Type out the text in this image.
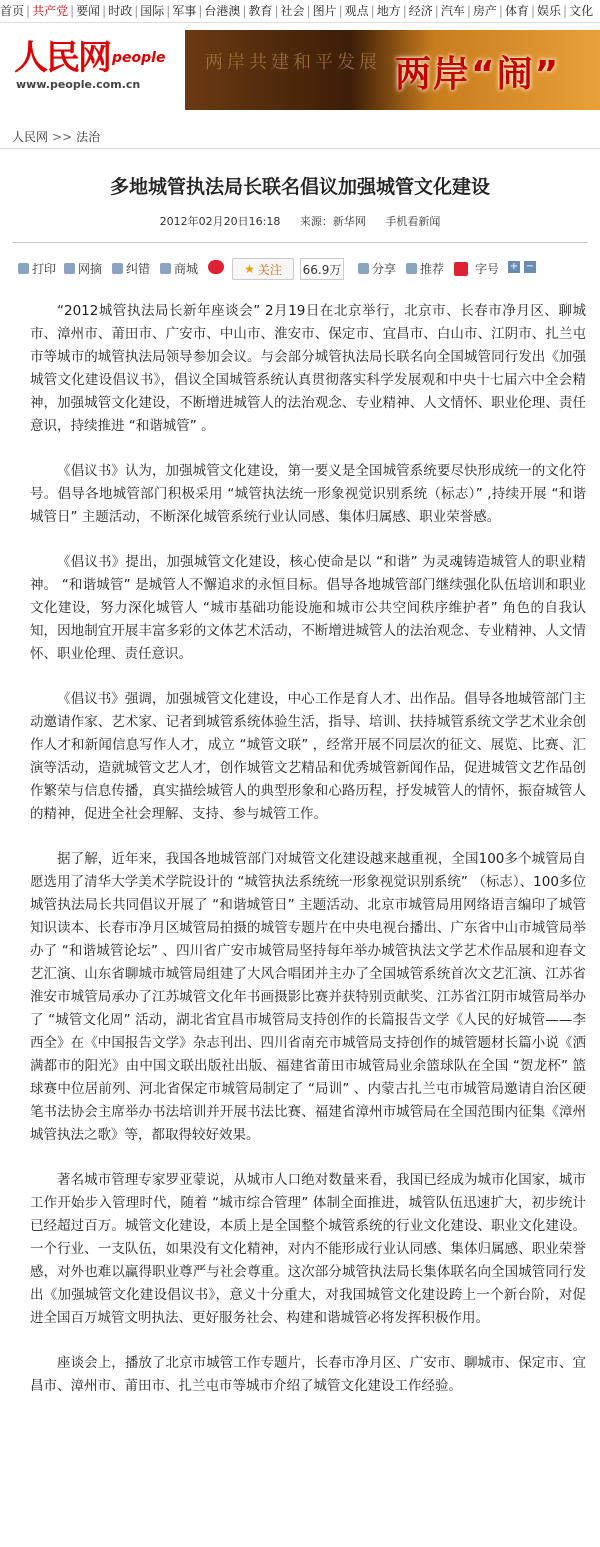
首页 | 共产党 | 要闻 | 时政 | 国际 | 军事 | 台港澳 | 教育 | 社会 | 图片 | 观点 | 地方 | 经济 | 汽车 | 房产 | 体育 | 娱乐 | 文化
人民网 people
www.people.com.cn
两岸共建和平发展 两岸“闹”
人民网 >> 法治
多地城管执法局长联名倡议加强城管文化建设
2012年02月20日16:18 来源：新华网 手机看新闻
打印 网摘 纠错 商城	★ 关注 66.9万	分享 推荐	字号 + −

“2012城管执法局长新年座谈会” 2月19日在北京举行，北京市、长春市净月区、聊城市、漳州市、莆田市、广安市、中山市、淮安市、保定市、宜昌市、白山市、江阴市、扎兰屯市等城市的城管执法局领导参加会议。与会部分城管执法局长联名向全国城管同行发出《加强城管文化建设倡议书》，倡议全国城管系统认真贯彻落实科学发展观和中央十七届六中全会精神，加强城管文化建设，不断增进城管人的法治观念、专业精神、人文情怀、职业伦理、责任意识，持续推进 “和谐城管” 。

《倡议书》认为，加强城管文化建设，第一要义是全国城管系统要尽快形成统一的文化符号。倡导各地城管部门积极采用 “城管执法统一形象视觉识别系统（标志）” ,持续开展 “和谐城管日” 主题活动，不断深化城管系统行业认同感、集体归属感、职业荣誉感。

《倡议书》提出，加强城管文化建设，核心使命是以 “和谐” 为灵魂铸造城管人的职业精神。 “和谐城管” 是城管人不懈追求的永恒目标。倡导各地城管部门继续强化队伍培训和职业文化建设，努力深化城管人 “城市基础功能设施和城市公共空间秩序维护者” 角色的自我认知，因地制宜开展丰富多彩的文体艺术活动，不断增进城管人的法治观念、专业精神、人文情怀、职业伦理、责任意识。

《倡议书》强调，加强城管文化建设，中心工作是育人才、出作品。倡导各地城管部门主动邀请作家、艺术家、记者到城管系统体验生活，指导、培训、扶持城管系统文学艺术业余创作人才和新闻信息写作人才，成立 “城管文联” ，经常开展不同层次的征文、展览、比赛、汇演等活动，造就城管文艺人才，创作城管文艺精品和优秀城管新闻作品，促进城管文艺作品创作繁荣与信息传播，真实描绘城管人的典型形象和心路历程，抒发城管人的情怀，振奋城管人的精神，促进全社会理解、支持、参与城管工作。

据了解，近年来，我国各地城管部门对城管文化建设越来越重视，全国100多个城管局自愿选用了清华大学美术学院设计的 “城管执法系统统一形象视觉识别系统” （标志）、100多位城管执法局长共同倡议开展了 “和谐城管日” 主题活动、北京市城管局用网络语言编印了城管知识读本、长春市净月区城管局拍摄的城管专题片在中央电视台播出、广东省中山市城管局举办了 “和谐城管论坛” 、四川省广安市城管局坚持每年举办城管执法文学艺术作品展和迎春文艺汇演、山东省聊城市城管局组建了大风合唱团并主办了全国城管系统首次文艺汇演、江苏省淮安市城管局承办了江苏城管文化年书画摄影比赛并获特别贡献奖、江苏省江阴市城管局举办了 “城管文化周” 活动，湖北省宜昌市城管局支持创作的长篇报告文学《人民的好城管——李西全》在《中国报告文学》杂志刊出、四川省南充市城管局支持创作的城管题材长篇小说《洒满都市的阳光》由中国文联出版社出版、福建省莆田市城管局业余篮球队在全国 “贺龙杯” 篮球赛中位居前列、河北省保定市城管局制定了 “局训” 、内蒙古扎兰屯市城管局邀请自治区硬笔书法协会主席举办书法培训并开展书法比赛、福建省漳州市城管局在全国范围内征集《漳州城管执法之歌》等，都取得较好效果。

著名城市管理专家罗亚蒙说，从城市人口绝对数量来看，我国已经成为城市化国家，城市工作开始步入管理时代，随着 “城市综合管理” 体制全面推进，城管队伍迅速扩大，初步统计已经超过百万。城管文化建设，本质上是全国整个城管系统的行业文化建设、职业文化建设。一个行业、一支队伍，如果没有文化精神，对内不能形成行业认同感、集体归属感、职业荣誉感，对外也难以赢得职业尊严与社会尊重。这次部分城管执法局长集体联名向全国城管同行发出《加强城管文化建设倡议书》，意义十分重大，对我国城管文化建设跨上一个新台阶，对促进全国百万城管文明执法、更好服务社会、构建和谐城管必将发挥积极作用。

座谈会上，播放了北京市城管工作专题片，长春市净月区、广安市、聊城市、保定市、宜昌市、漳州市、莆田市、扎兰屯市等城市介绍了城管文化建设工作经验。
